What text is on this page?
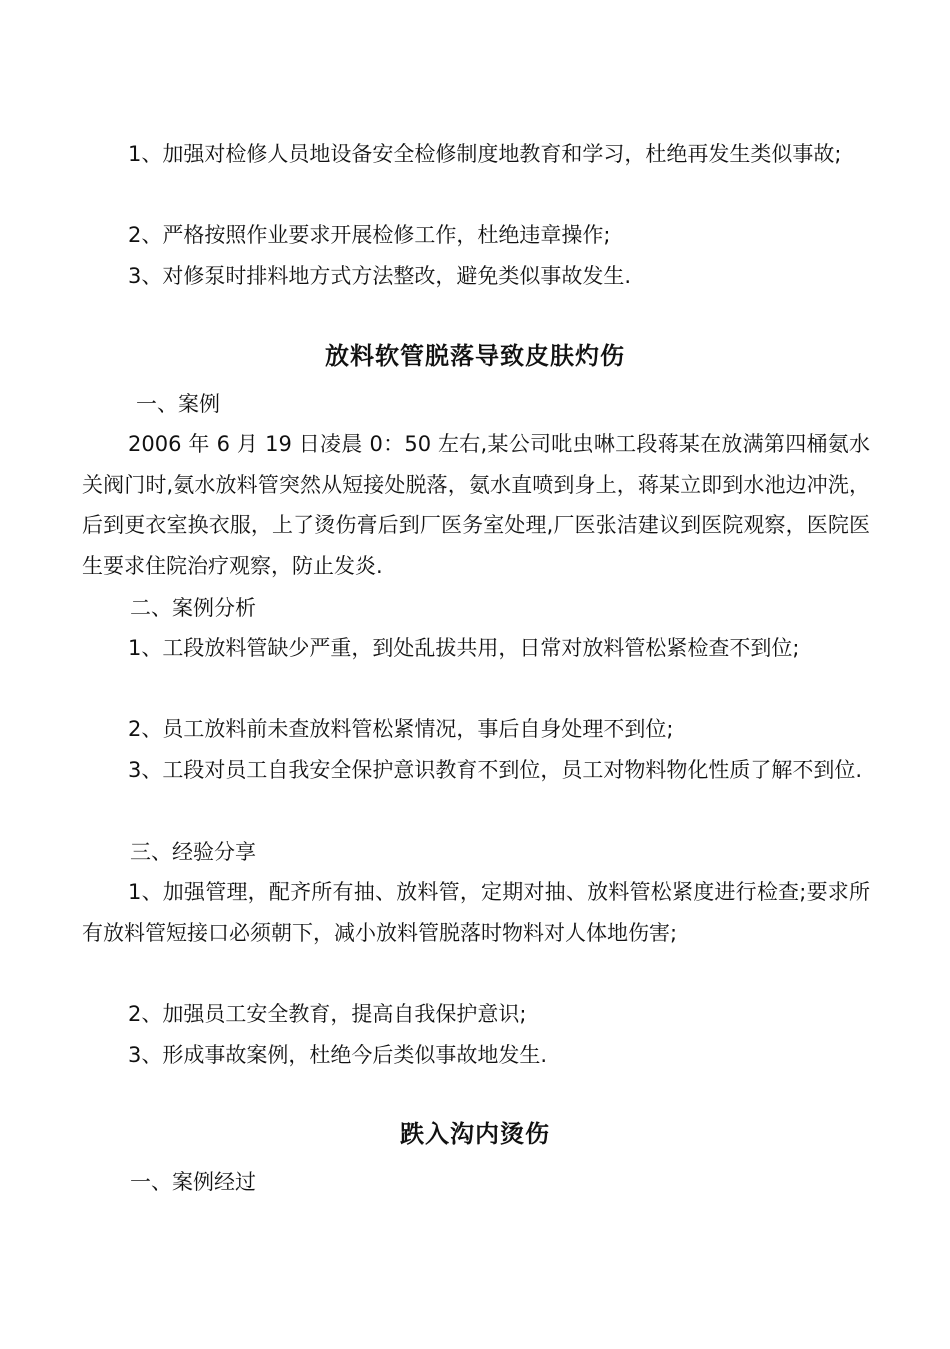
1、加强对检修人员地设备安全检修制度地教育和学习，杜绝再发生类似事故;

2、严格按照作业要求开展检修工作，杜绝违章操作;

3、对修泵时排料地方式方法整改，避免类似事故发生.

放料软管脱落导致皮肤灼伤

一、案例

2006 年 6 月 19 日凌晨 0：50 左右,某公司吡虫啉工段蒋某在放满第四桶氨水关阀门时,氨水放料管突然从短接处脱落，氨水直喷到身上，蒋某立即到水池边冲洗，后到更衣室换衣服，上了烫伤膏后到厂医务室处理,厂医张洁建议到医院观察，医院医生要求住院治疗观察，防止发炎.

二、案例分析

1、工段放料管缺少严重，到处乱拔共用，日常对放料管松紧检查不到位;

2、员工放料前未查放料管松紧情况，事后自身处理不到位;

3、工段对员工自我安全保护意识教育不到位，员工对物料物化性质了解不到位.

三、经验分享

1、加强管理，配齐所有抽、放料管，定期对抽、放料管松紧度进行检查;要求所有放料管短接口必须朝下，减小放料管脱落时物料对人体地伤害;

2、加强员工安全教育，提高自我保护意识;

3、形成事故案例，杜绝今后类似事故地发生.

跌入沟内烫伤

一、案例经过
